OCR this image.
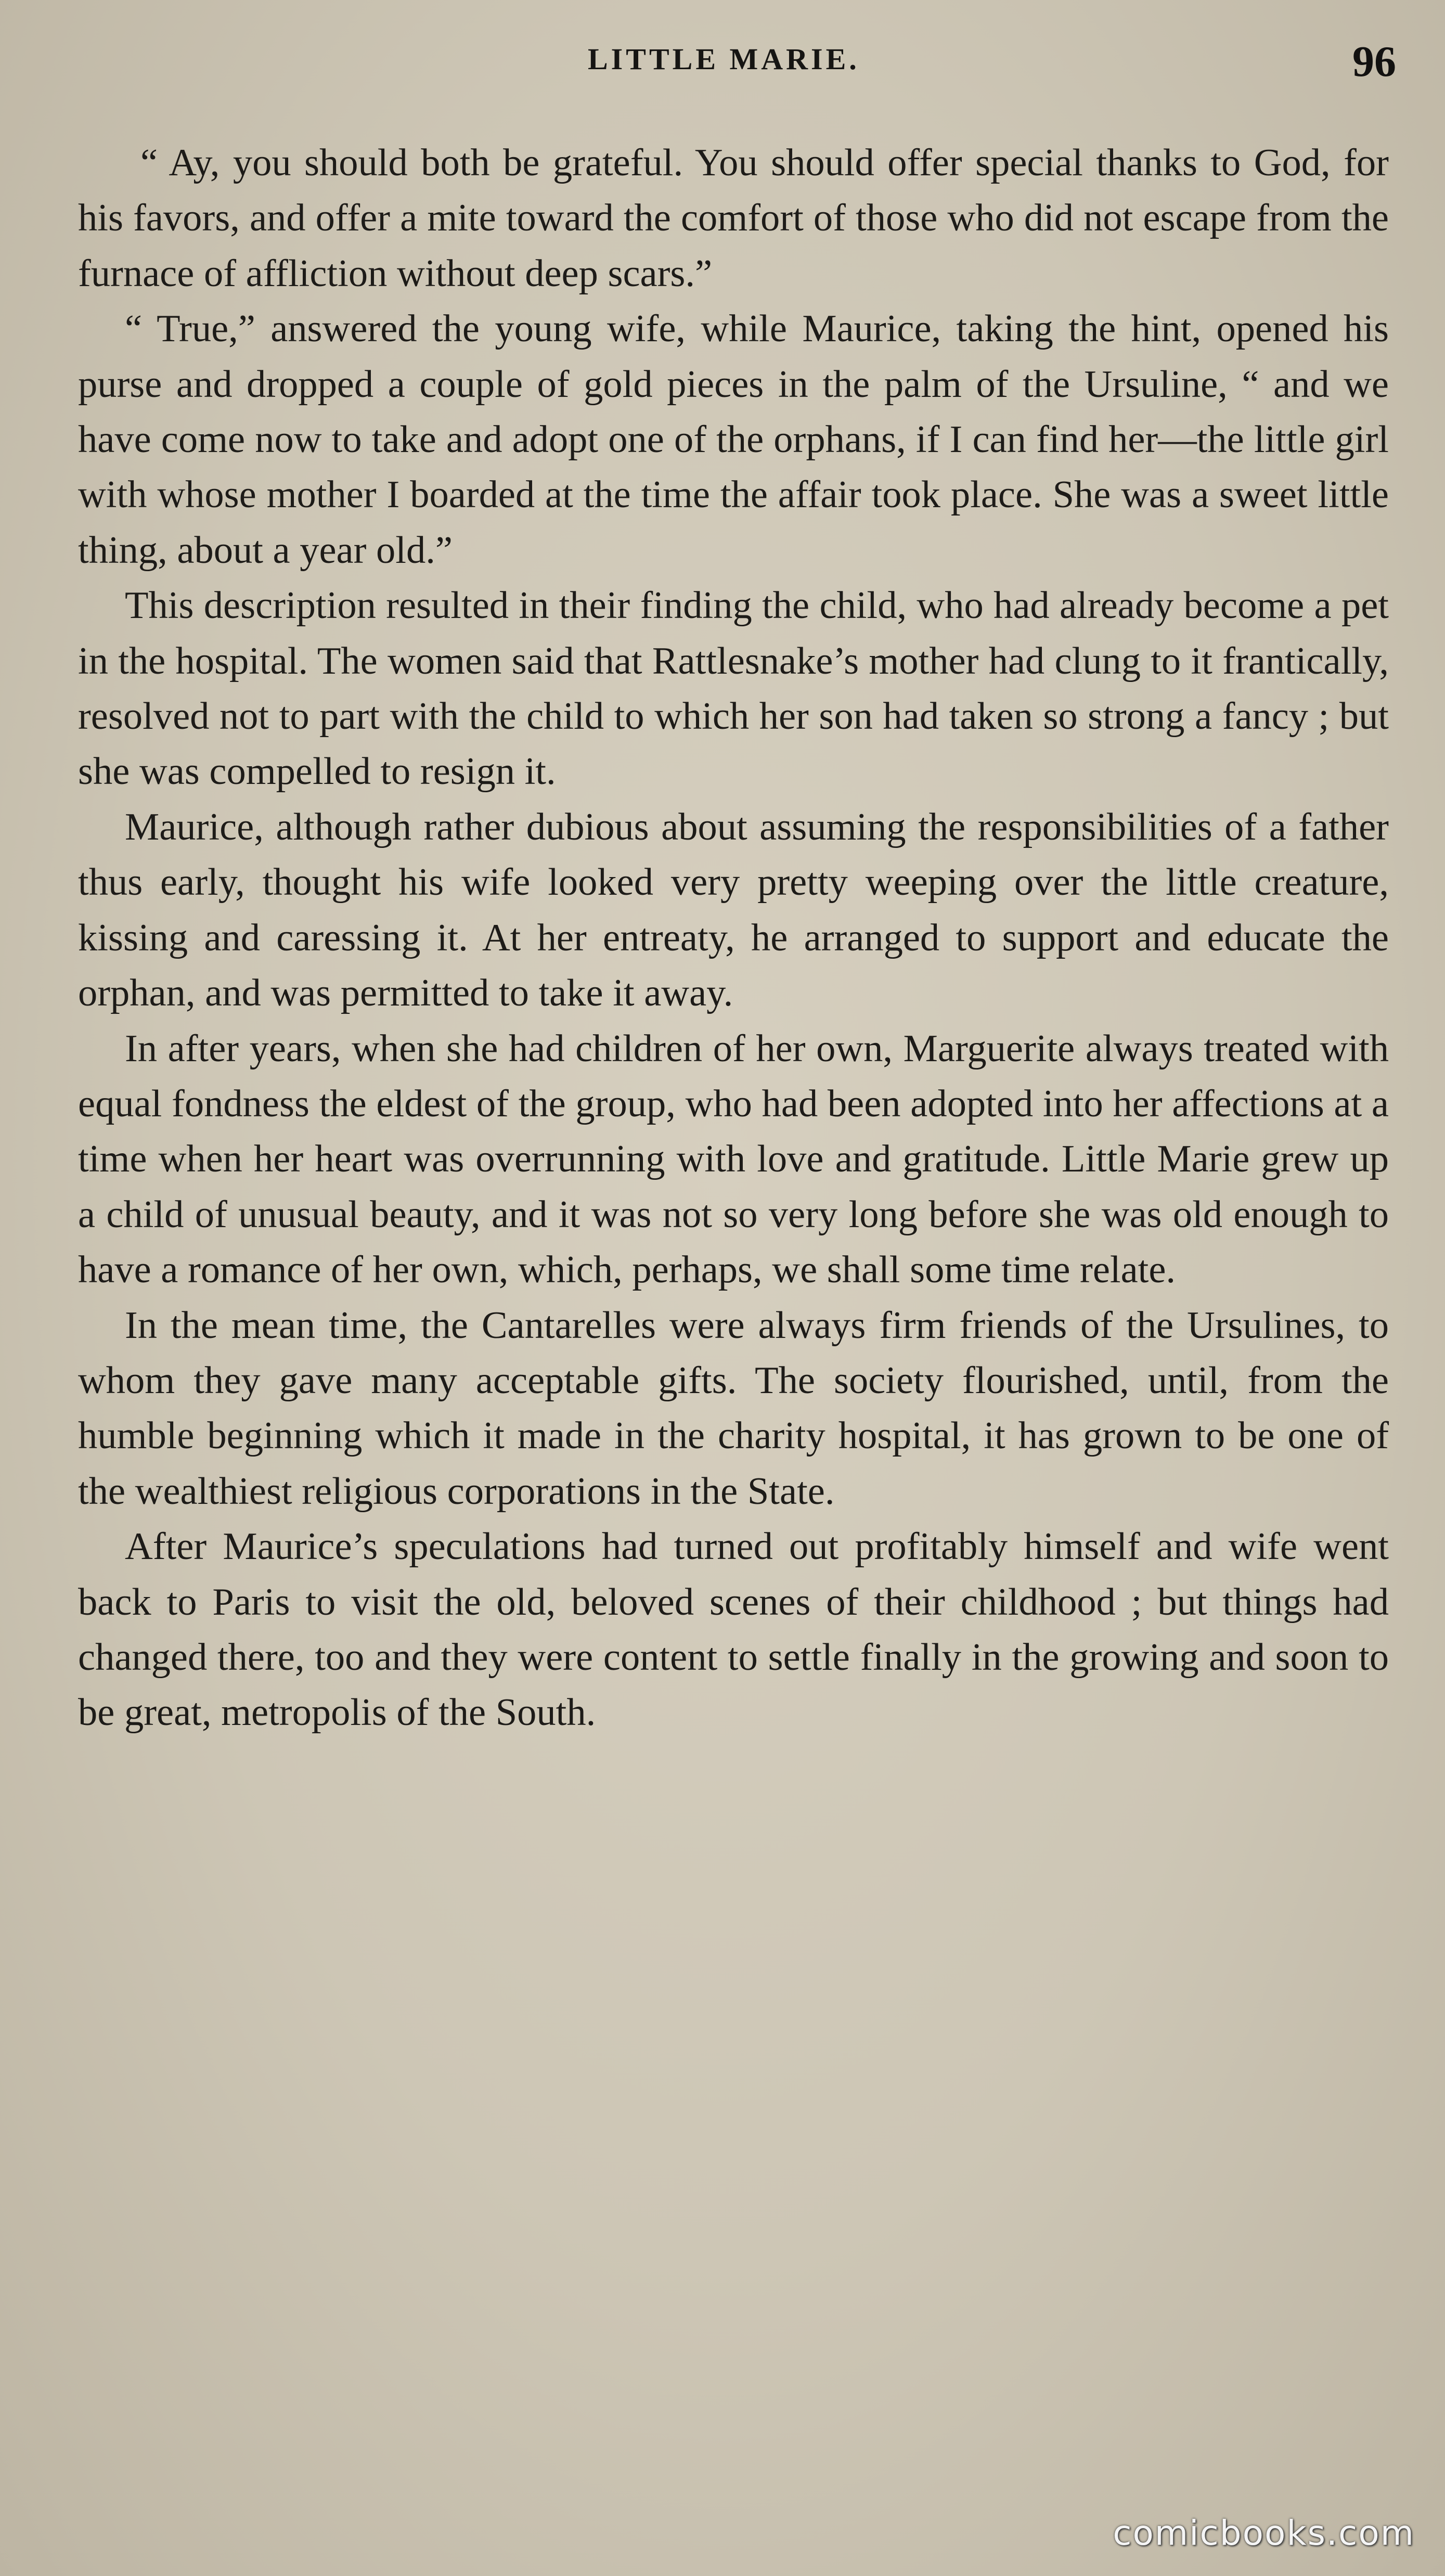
LITTLE MARIE.	96

“ Ay, you should both be grateful. You should offer special thanks to God, for his favors, and offer a mite toward the comfort of those who did not escape from the furnace of affliction without deep scars.”

“ True,” answered the young wife, while Maurice, taking the hint, opened his purse and dropped a couple of gold pieces in the palm of the Ursuline, “ and we have come now to take and adopt one of the orphans, if I can find her—the little girl with whose mother I boarded at the time the affair took place. She was a sweet little thing, about a year old.”

This description resulted in their finding the child, who had already become a pet in the hospital. The women said that Rattlesnake’s mother had clung to it frantically, resolved not to part with the child to which her son had taken so strong a fancy ; but she was compelled to resign it.

Maurice, although rather dubious about assuming the responsibilities of a father thus early, thought his wife looked very pretty weeping over the little creature, kissing and caressing it. At her entreaty, he arranged to support and educate the orphan, and was permitted to take it away.

In after years, when she had children of her own, Marguerite always treated with equal fondness the eldest of the group, who had been adopted into her affections at a time when her heart was overrunning with love and gratitude. Little Marie grew up a child of unusual beauty, and it was not so very long before she was old enough to have a romance of her own, which, perhaps, we shall some time relate.

In the mean time, the Cantarelles were always firm friends of the Ursulines, to whom they gave many acceptable gifts. The society flourished, until, from the humble beginning which it made in the charity hospital, it has grown to be one of the wealthiest religious corporations in the State.

After Maurice’s speculations had turned out profitably himself and wife went back to Paris to visit the old, beloved scenes of their childhood ; but things had changed there, too and they were content to settle finally in the growing and soon to be great, metropolis of the South.

comicbooks.com
